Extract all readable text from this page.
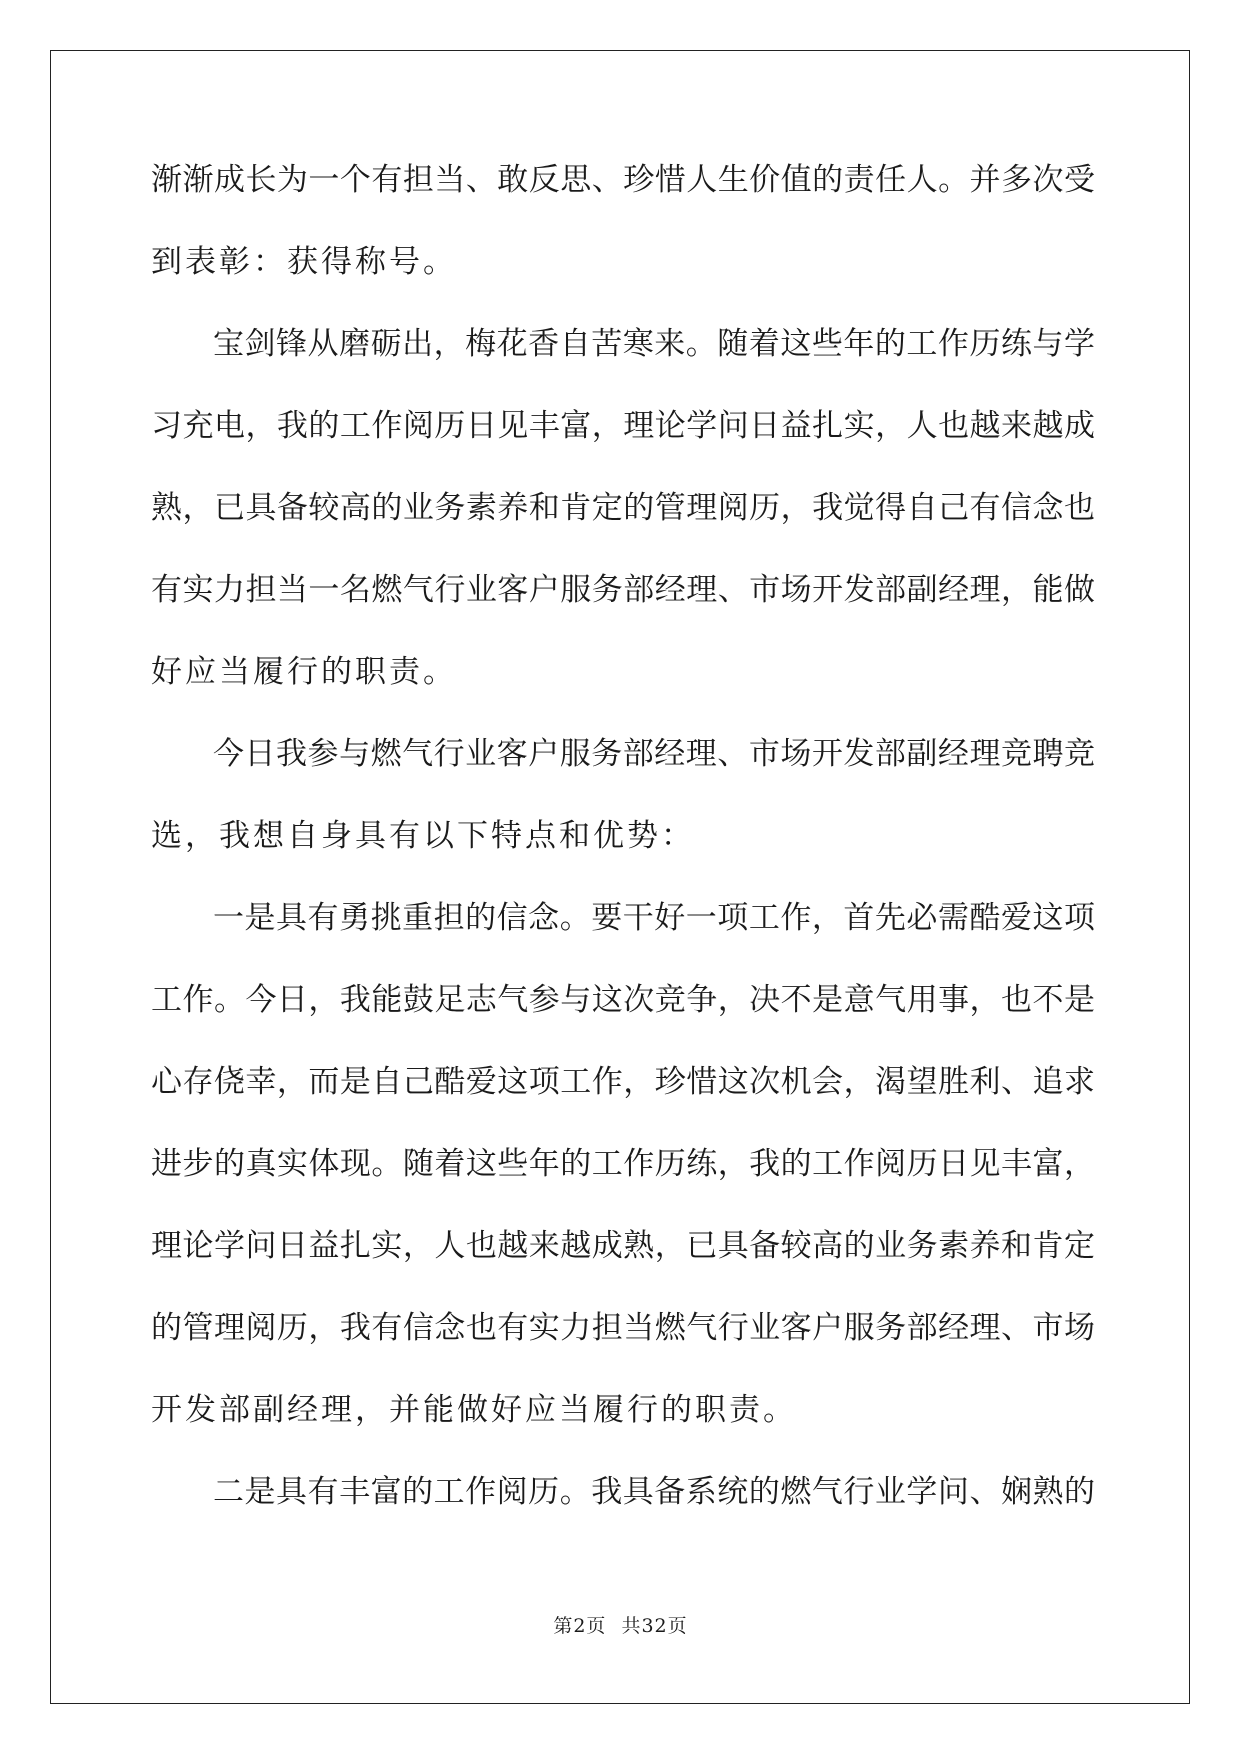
渐渐成长为一个有担当、敢反思、珍惜人生价值的责任人。并多次受
到表彰：获得称号。
宝剑锋从磨砺出，梅花香自苦寒来。随着这些年的工作历练与学
习充电，我的工作阅历日见丰富，理论学问日益扎实，人也越来越成
熟，已具备较高的业务素养和肯定的管理阅历，我觉得自己有信念也
有实力担当一名燃气行业客户服务部经理、市场开发部副经理，能做
好应当履行的职责。
今日我参与燃气行业客户服务部经理、市场开发部副经理竞聘竞
选，我想自身具有以下特点和优势：
一是具有勇挑重担的信念。要干好一项工作，首先必需酷爱这项
工作。今日，我能鼓足志气参与这次竞争，决不是意气用事，也不是
心存侥幸，而是自己酷爱这项工作，珍惜这次机会，渴望胜利、追求
进步的真实体现。随着这些年的工作历练，我的工作阅历日见丰富，
理论学问日益扎实，人也越来越成熟，已具备较高的业务素养和肯定
的管理阅历，我有信念也有实力担当燃气行业客户服务部经理、市场
开发部副经理，并能做好应当履行的职责。
二是具有丰富的工作阅历。我具备系统的燃气行业学问、娴熟的
第2页 共32页
